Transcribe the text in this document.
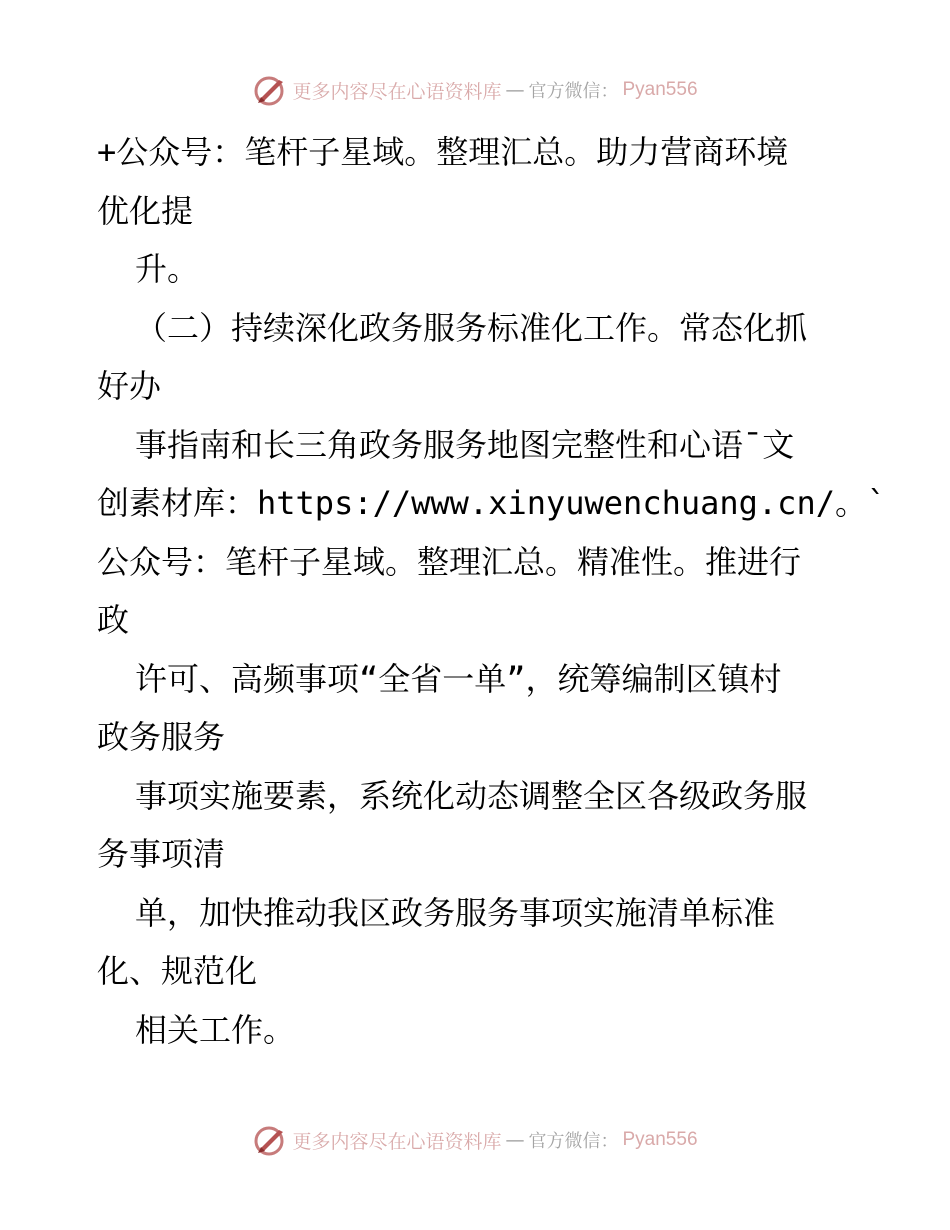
更多内容尽在心语资料库 — 官方微信： Pyan556
+公众号：笔杆子星域。整理汇总。助力营商环境
优化提
升。
（二）持续深化政务服务标准化工作。常态化抓
好办
事指南和长三角政务服务地图完整性和心语¯文
创素材库：https://www.xinyuwenchuang.cn/。`
公众号：笔杆子星域。整理汇总。精准性。推进行
政
许可、高频事项“全省一单”，统筹编制区镇村
政务服务
事项实施要素，系统化动态调整全区各级政务服
务事项清
单，加快推动我区政务服务事项实施清单标准
化、规范化
相关工作。
更多内容尽在心语资料库 — 官方微信： Pyan556
